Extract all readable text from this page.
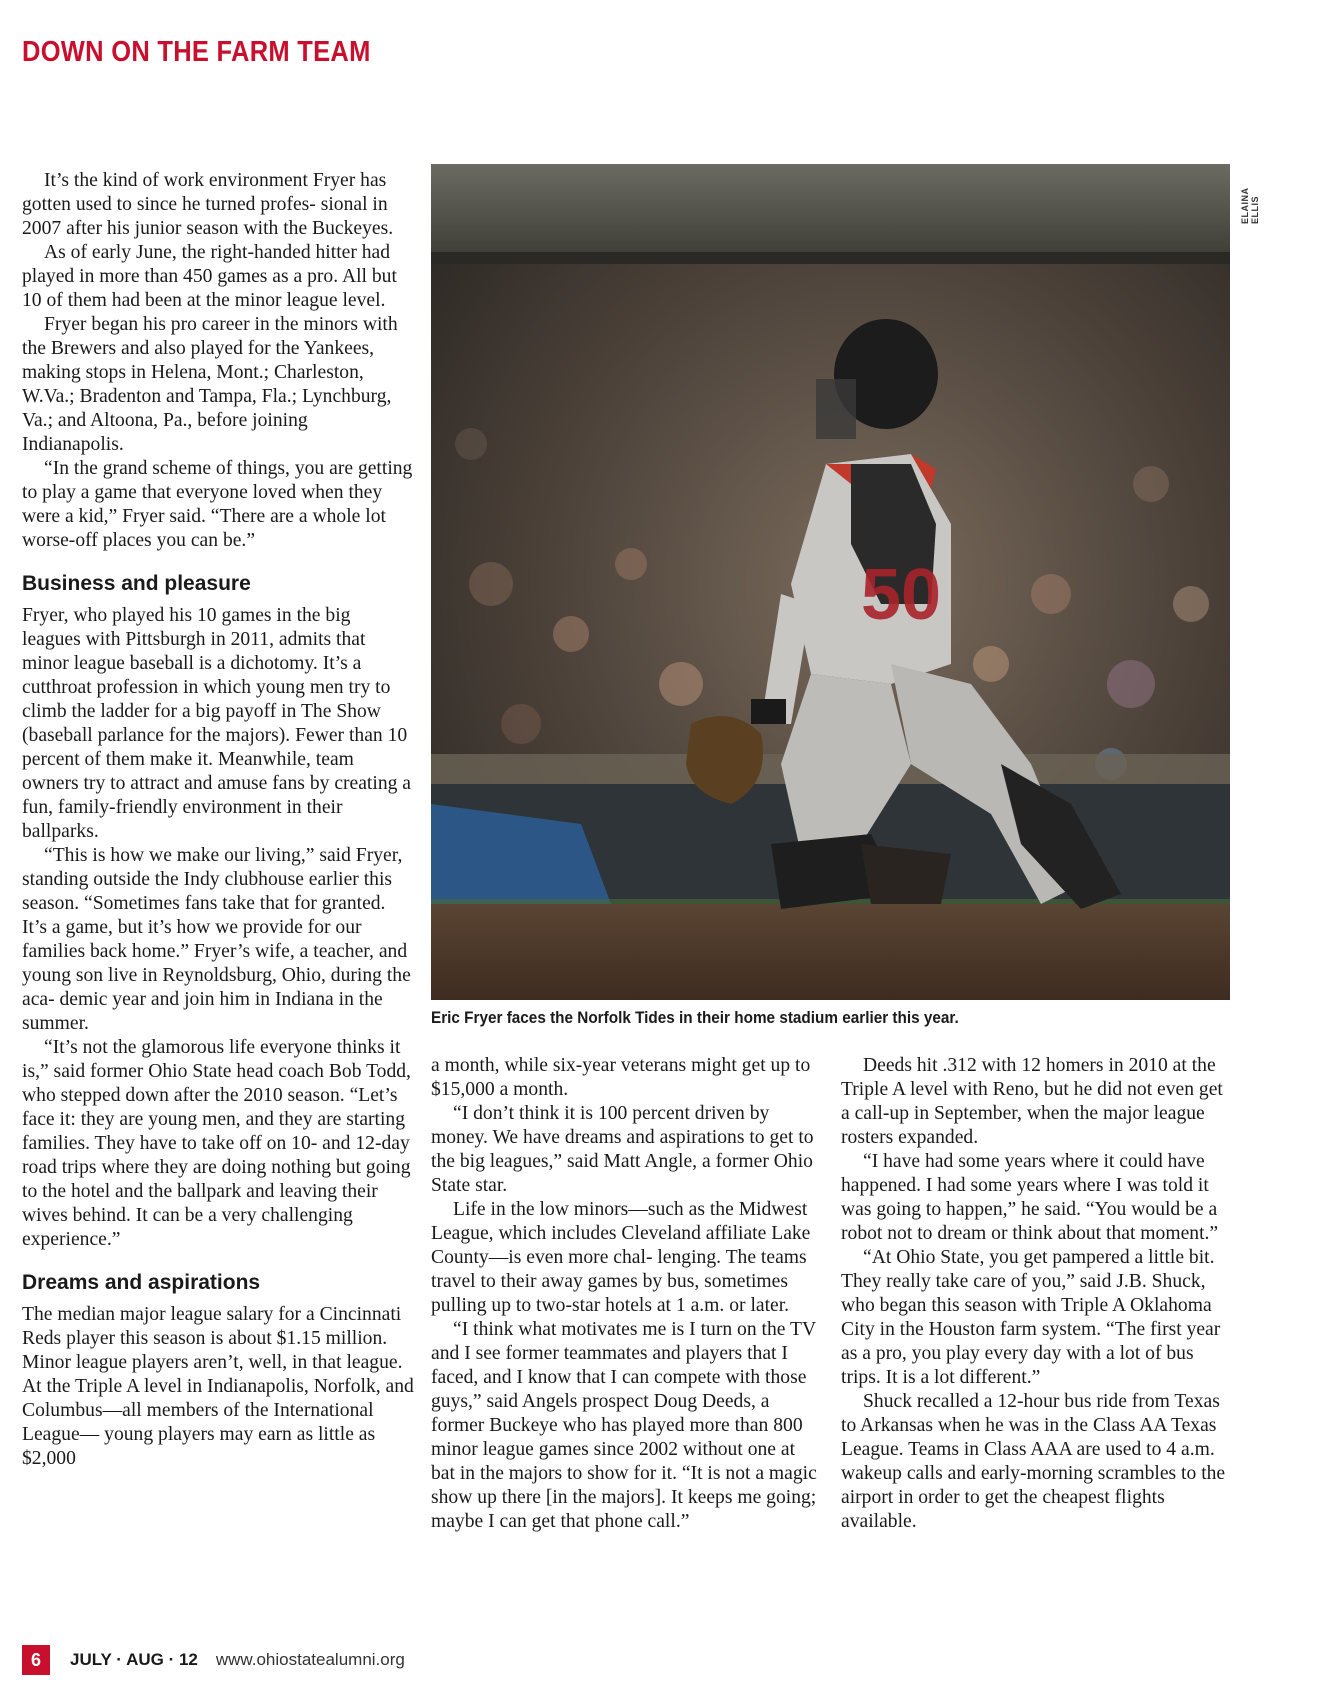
DOWN ON THE FARM TEAM

It’s the kind of work environment Fryer has gotten used to since he turned profes- sional in 2007 after his junior season with the Buckeyes.

As of early June, the right-handed hitter had played in more than 450 games as a pro. All but 10 of them had been at the minor league level.

Fryer began his pro career in the minors with the Brewers and also played for the Yankees, making stops in Helena, Mont.; Charleston, W.Va.; Bradenton and Tampa, Fla.; Lynchburg, Va.; and Altoona, Pa., before joining Indianapolis.

“In the grand scheme of things, you are getting to play a game that everyone loved when they were a kid,” Fryer said. “There are a whole lot worse-off places you can be.”

Business and pleasure

Fryer, who played his 10 games in the big leagues with Pittsburgh in 2011, admits that minor league baseball is a dichotomy. It’s a cutthroat profession in which young men try to climb the ladder for a big payoff in The Show (baseball parlance for the majors). Fewer than 10 percent of them make it. Meanwhile, team owners try to attract and amuse fans by creating a fun, family-friendly environment in their ballparks.

“This is how we make our living,” said Fryer, standing outside the Indy clubhouse earlier this season. “Sometimes fans take that for granted. It’s a game, but it’s how we provide for our families back home.” Fryer’s wife, a teacher, and young son live in Reynoldsburg, Ohio, during the aca- demic year and join him in Indiana in the summer.

“It’s not the glamorous life everyone thinks it is,” said former Ohio State head coach Bob Todd, who stepped down after the 2010 season. “Let’s face it: they are young men, and they are starting families. They have to take off on 10- and 12-day road trips where they are doing nothing but going to the hotel and the ballpark and leaving their wives behind. It can be a very challenging experience.”

Dreams and aspirations

The median major league salary for a Cincinnati Reds player this season is about $1.15 million. Minor league players aren’t, well, in that league. At the Triple A level in Indianapolis, Norfolk, and Columbus—all members of the International League— young players may earn as little as $2,000

50
ELAINA ELLIS
Eric Fryer faces the Norfolk Tides in their home stadium earlier this year.

a month, while six-year veterans might get up to $15,000 a month.

“I don’t think it is 100 percent driven by money. We have dreams and aspirations to get to the big leagues,” said Matt Angle, a former Ohio State star.

Life in the low minors—such as the Midwest League, which includes Cleveland affiliate Lake County—is even more chal- lenging. The teams travel to their away games by bus, sometimes pulling up to two-star hotels at 1 a.m. or later.

“I think what motivates me is I turn on the TV and I see former teammates and players that I faced, and I know that I can compete with those guys,” said Angels prospect Doug Deeds, a former Buckeye who has played more than 800 minor league games since 2002 without one at bat in the majors to show for it. “It is not a magic show up there [in the majors]. It keeps me going; maybe I can get that phone call.”

Deeds hit .312 with 12 homers in 2010 at the Triple A level with Reno, but he did not even get a call-up in September, when the major league rosters expanded.

“I have had some years where it could have happened. I had some years where I was told it was going to happen,” he said. “You would be a robot not to dream or think about that moment.”

“At Ohio State, you get pampered a little bit. They really take care of you,” said J.B. Shuck, who began this season with Triple A Oklahoma City in the Houston farm system. “The first year as a pro, you play every day with a lot of bus trips. It is a lot different.”

Shuck recalled a 12-hour bus ride from Texas to Arkansas when he was in the Class AA Texas League. Teams in Class AAA are used to 4 a.m. wakeup calls and early-morning scrambles to the airport in order to get the cheapest flights available.

6	JULY · AUG · 12 www.ohiostatealumni.org
